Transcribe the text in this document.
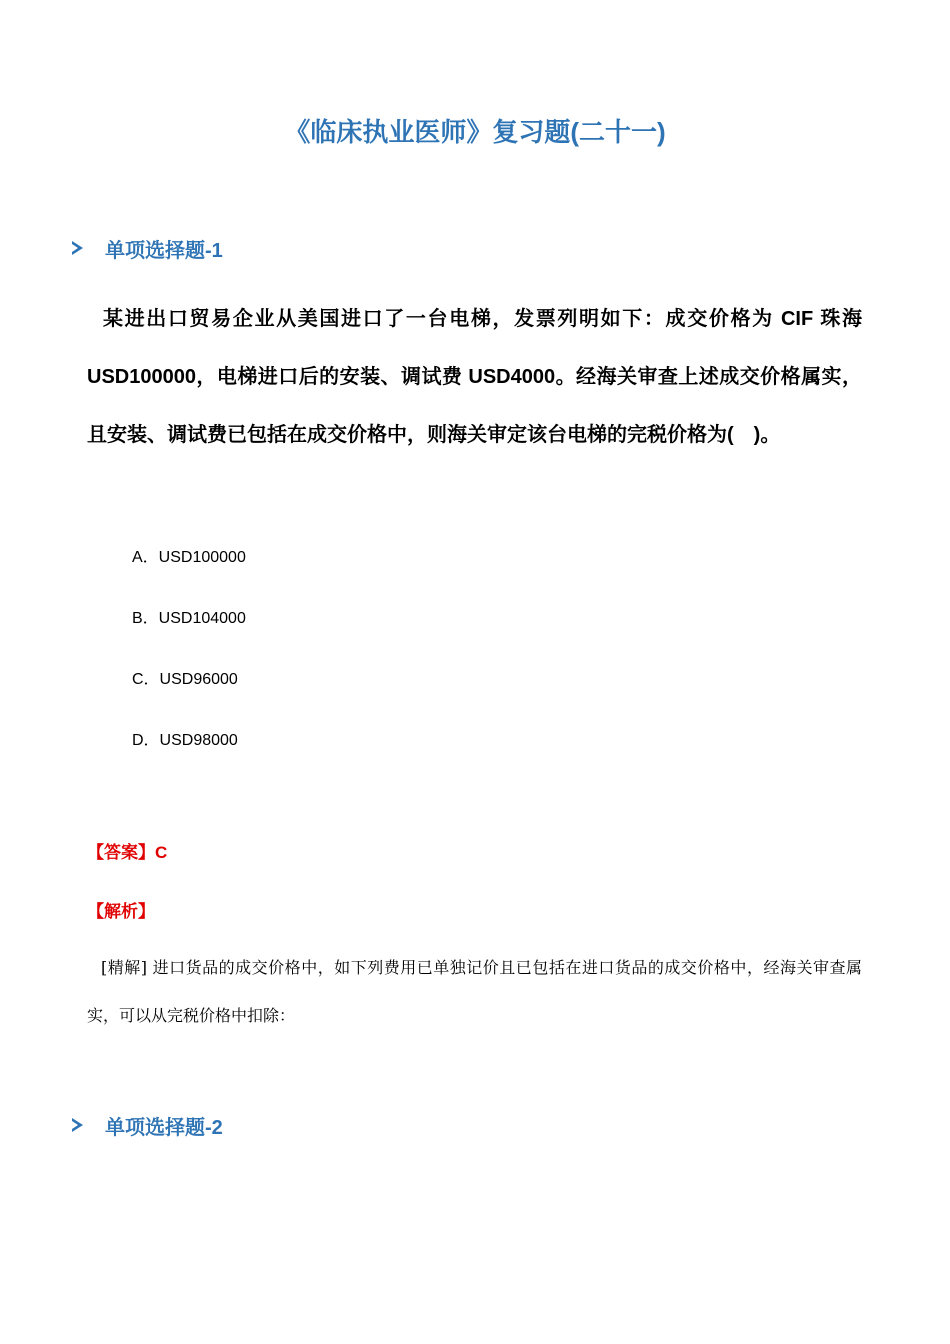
《临床执业医师》复习题(二十一)
单项选择题-1
某进出口贸易企业从美国进口了一台电梯，发票列明如下：成交价格为 CIF 珠海 USD100000，电梯进口后的安装、调试费 USD4000。经海关审查上述成交价格属实，且安装、调试费已包括在成交价格中，则海关审定该台电梯的完税价格为(　)。
A．USD100000
B．USD104000
C．USD96000
D．USD98000
【答案】C
【解析】
[精解] 进口货品的成交价格中，如下列费用已单独记价且已包括在进口货品的成交价格中，经海关审查属实，可以从完税价格中扣除：
单项选择题-2
